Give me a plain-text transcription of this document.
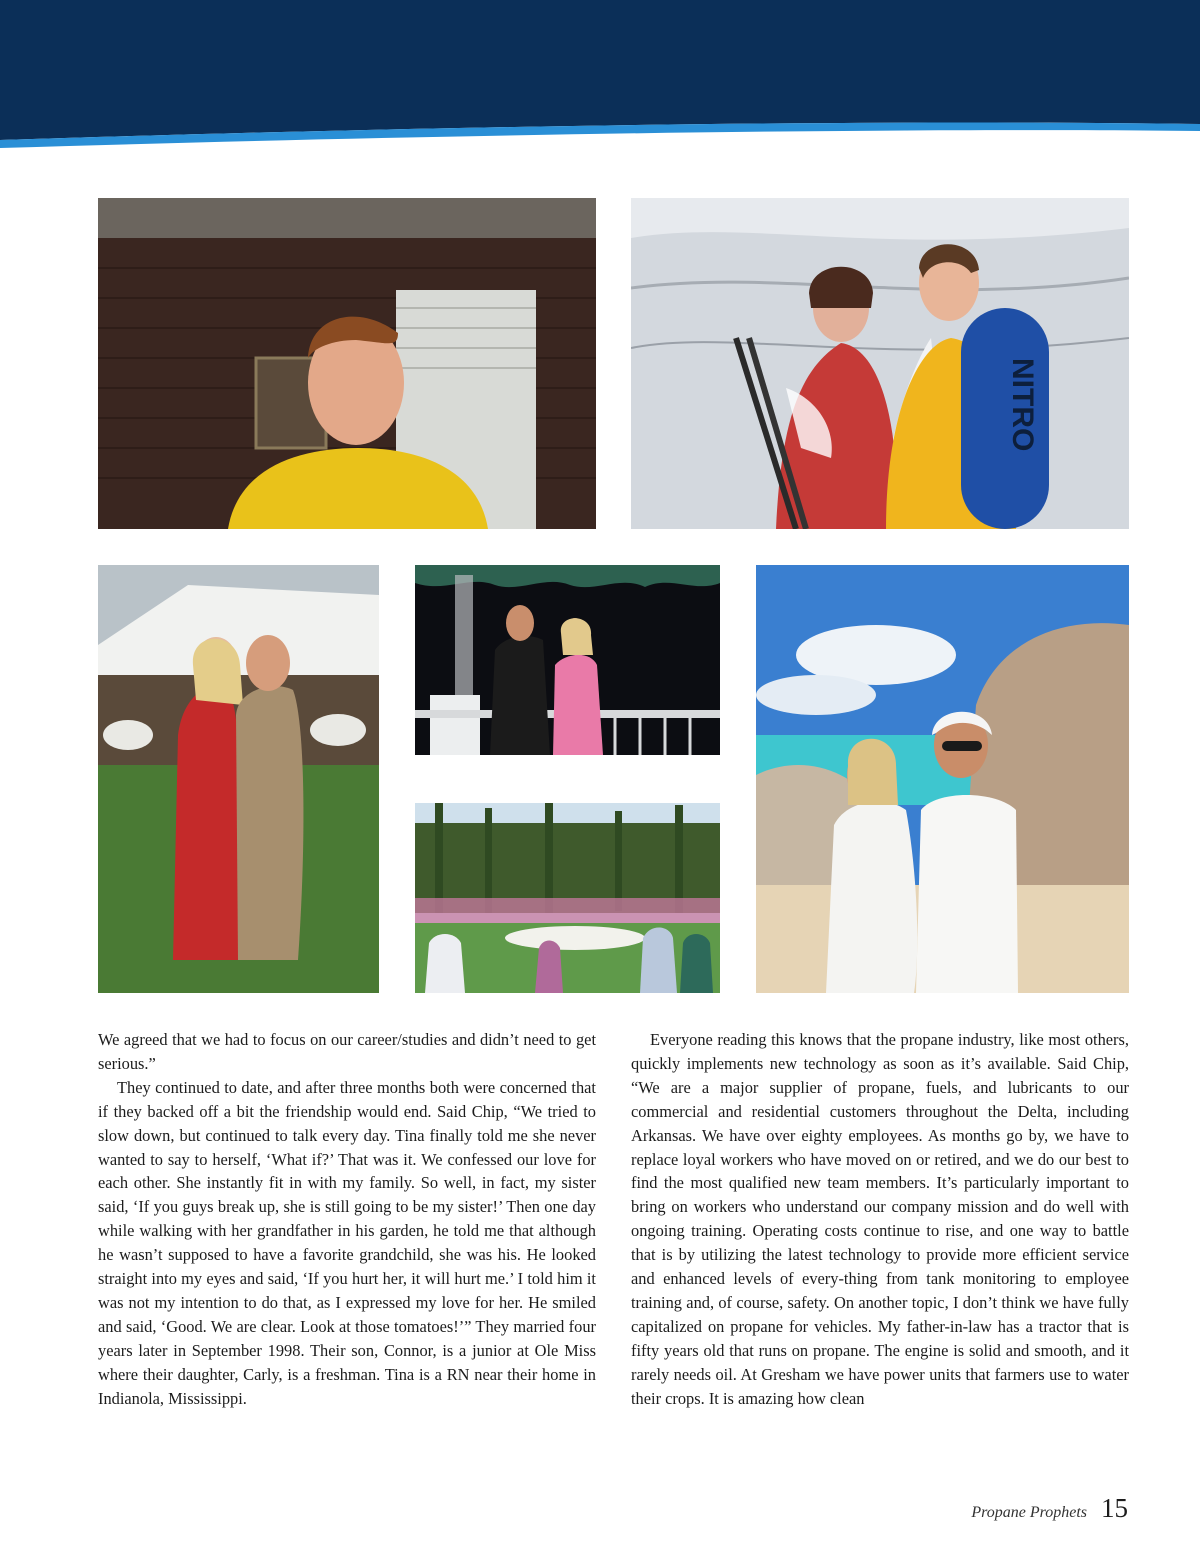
NITRO

We agreed that we had to focus on our career/studies and didn’t need to get serious.”

They continued to date, and after three months both were concerned that if they backed off a bit the friendship would end. Said Chip, “We tried to slow down, but continued to talk every day. Tina finally told me she never wanted to say to herself, ‘What if?’ That was it. We confessed our love for each other. She instantly fit in with my family. So well, in fact, my sister said, ‘If you guys break up, she is still going to be my sister!’ Then one day while walking with her grandfather in his garden, he told me that although he wasn’t supposed to have a favorite grandchild, she was his. He looked straight into my eyes and said, ‘If you hurt her, it will hurt me.’ I told him it was not my intention to do that, as I expressed my love for her. He smiled and said, ‘Good. We are clear. Look at those tomatoes!’” They married four years later in September 1998. Their son, Connor, is a junior at Ole Miss where their daughter, Carly, is a freshman. Tina is a RN near their home in Indianola, Mississippi.

Everyone reading this knows that the propane industry, like most others, quickly implements new technology as soon as it’s available. Said Chip, “We are a major supplier of propane, fuels, and lubricants to our commercial and residential customers throughout the Delta, including Arkansas. We have over eighty employees. As months go by, we have to replace loyal workers who have moved on or retired, and we do our best to find the most qualified new team members. It’s particularly important to bring on workers who understand our company mission and do well with ongoing training. Operating costs continue to rise, and one way to battle that is by utilizing the latest technology to provide more efficient service and enhanced levels of every-thing from tank monitoring to employee training and, of course, safety. On another topic, I don’t think we have fully capitalized on propane for vehicles. My father-in-law has a tractor that is fifty years old that runs on propane. The engine is solid and smooth, and it rarely needs oil. At Gresham we have power units that farmers use to water their crops. It is amazing how clean

Propane Prophets 15
